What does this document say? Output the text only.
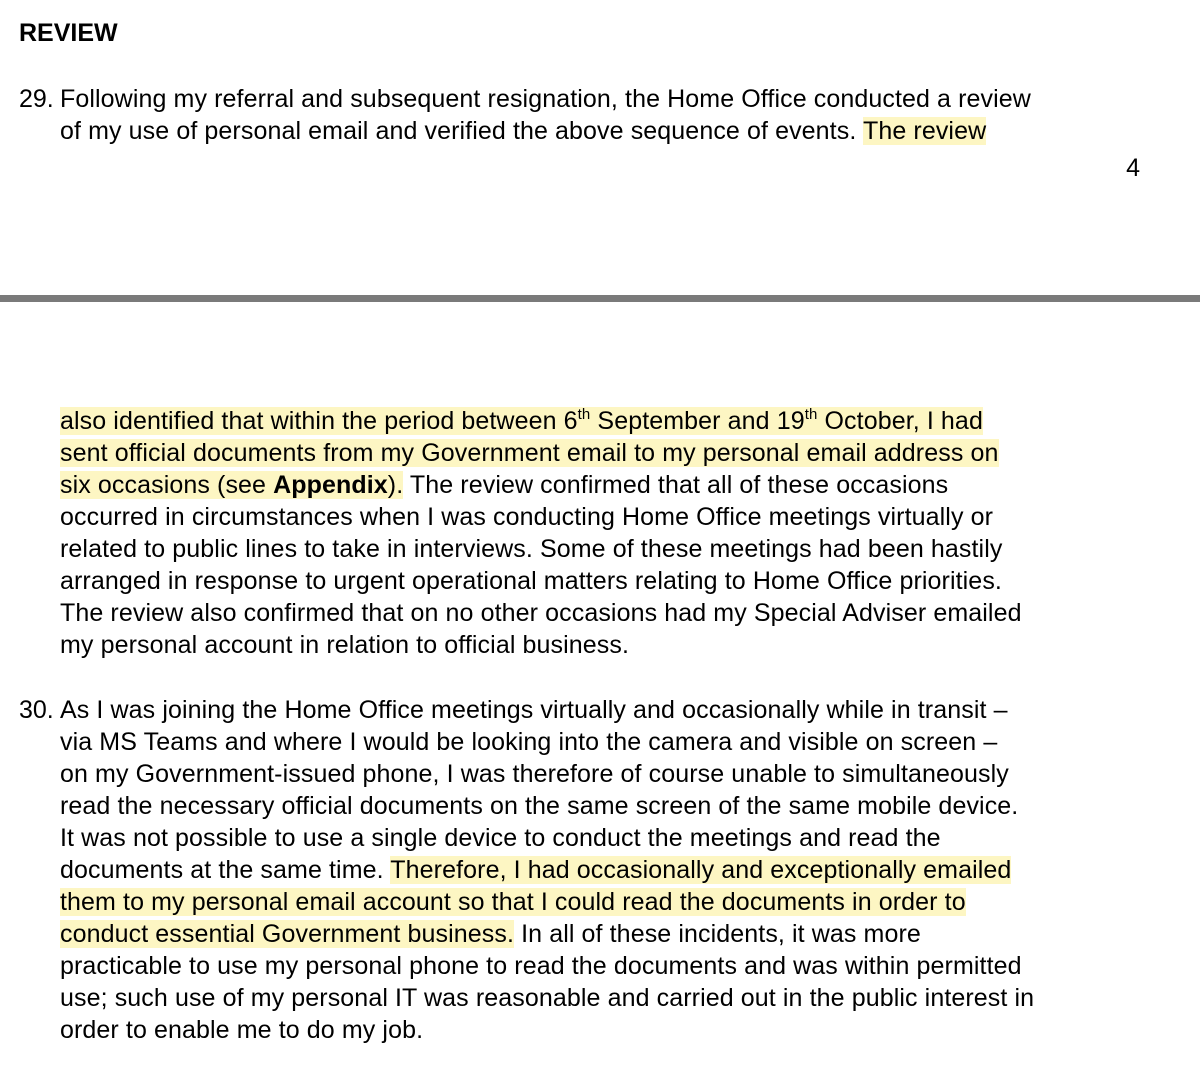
REVIEW
29. Following my referral and subsequent resignation, the Home Office conducted a review
of my use of personal email and verified the above sequence of events. The review
4
also identified that within the period between 6th September and 19th October, I had
sent official documents from my Government email to my personal email address on
six occasions (see Appendix). The review confirmed that all of these occasions
occurred in circumstances when I was conducting Home Office meetings virtually or
related to public lines to take in interviews. Some of these meetings had been hastily
arranged in response to urgent operational matters relating to Home Office priorities.
The review also confirmed that on no other occasions had my Special Adviser emailed
my personal account in relation to official business.
30. As I was joining the Home Office meetings virtually and occasionally while in transit –
via MS Teams and where I would be looking into the camera and visible on screen –
on my Government-issued phone, I was therefore of course unable to simultaneously
read the necessary official documents on the same screen of the same mobile device.
It was not possible to use a single device to conduct the meetings and read the
documents at the same time. Therefore, I had occasionally and exceptionally emailed
them to my personal email account so that I could read the documents in order to
conduct essential Government business. In all of these incidents, it was more
practicable to use my personal phone to read the documents and was within permitted
use; such use of my personal IT was reasonable and carried out in the public interest in
order to enable me to do my job.
